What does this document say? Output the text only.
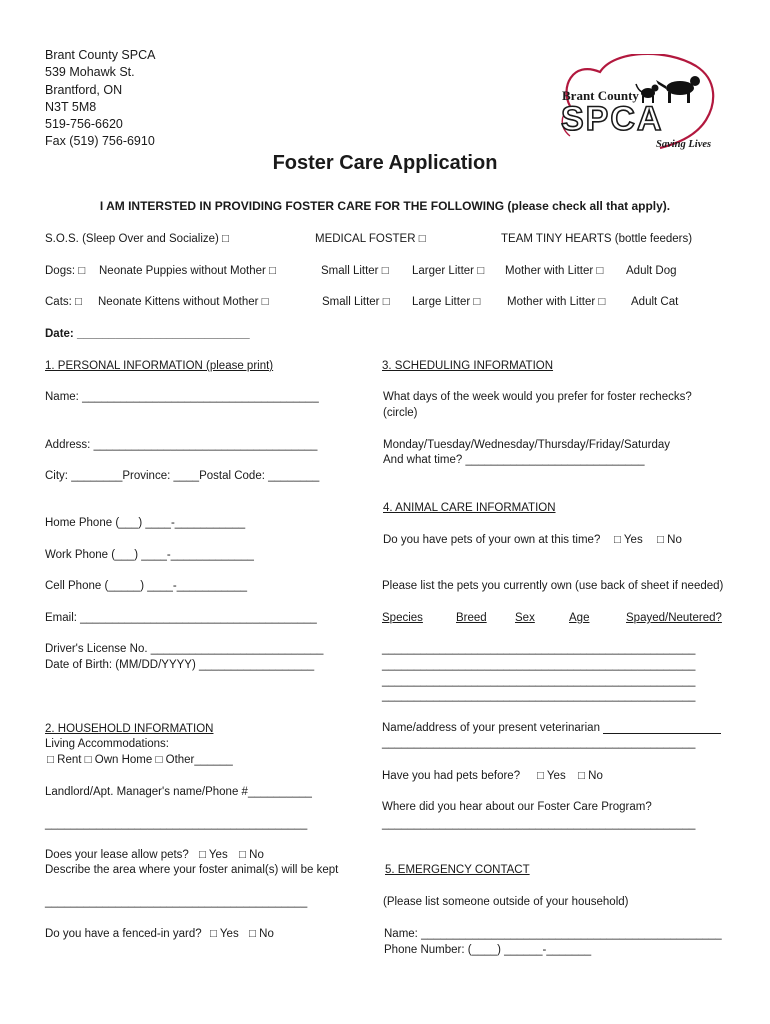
Brant County SPCA
539 Mohawk St.
Brantford, ON
N3T 5M8
519-756-6620
Fax (519) 756-6910
Brant County
SPCA
Saving Lives
Foster Care Application
I AM INTERSTED IN PROVIDING FOSTER CARE FOR THE FOLLOWING (please check all that apply).
S.O.S. (Sleep Over and Socialize) □	MEDICAL FOSTER □	TEAM TINY HEARTS (bottle feeders)
Dogs: □ Neonate Puppies without Mother □	Small Litter □ Larger Litter □ Mother with Litter □ Adult Dog
Cats: □ Neonate Kittens without Mother □	Small Litter □ Large Litter □ Mother with Litter □ Adult Cat
Date: ___________________________
1. PERSONAL INFORMATION (please print)
Name: _____________________________________
Address: ___________________________________
City: ________Province: ____Postal Code: ________
Home Phone (___) ____-___________
Work Phone (___) ____-_____________
Cell Phone (_____) ____-___________
Email: _____________________________________
Driver's License No. ___________________________
Date of Birth: (MM/DD/YYYY) __________________
2. HOUSEHOLD INFORMATION
Living Accommodations:
□ Rent □ Own Home □ Other______
Landlord/Apt. Manager's name/Phone #__________
_________________________________________
Does your lease allow pets? □ Yes □ No
Describe the area where your foster animal(s) will be kept
_________________________________________
Do you have a fenced-in yard? □ Yes □ No
3. SCHEDULING INFORMATION
What days of the week would you prefer for foster rechecks?
(circle)
Monday/Tuesday/Wednesday/Thursday/Friday/Saturday
And what time? ____________________________
4. ANIMAL CARE INFORMATION
Do you have pets of your own at this time? □ Yes □ No
Please list the pets you currently own (use back of sheet if needed)
Species	Breed Sex	Age	Spayed/Neutered?
_________________________________________________
_________________________________________________
_________________________________________________
_________________________________________________
Name/address of your present veterinarian
_________________________________________________
Have you had pets before? □ Yes □ No
Where did you hear about our Foster Care Program?
_________________________________________________
5. EMERGENCY CONTACT
(Please list someone outside of your household)
Name: _______________________________________________
Phone Number: (____) ______-_______
